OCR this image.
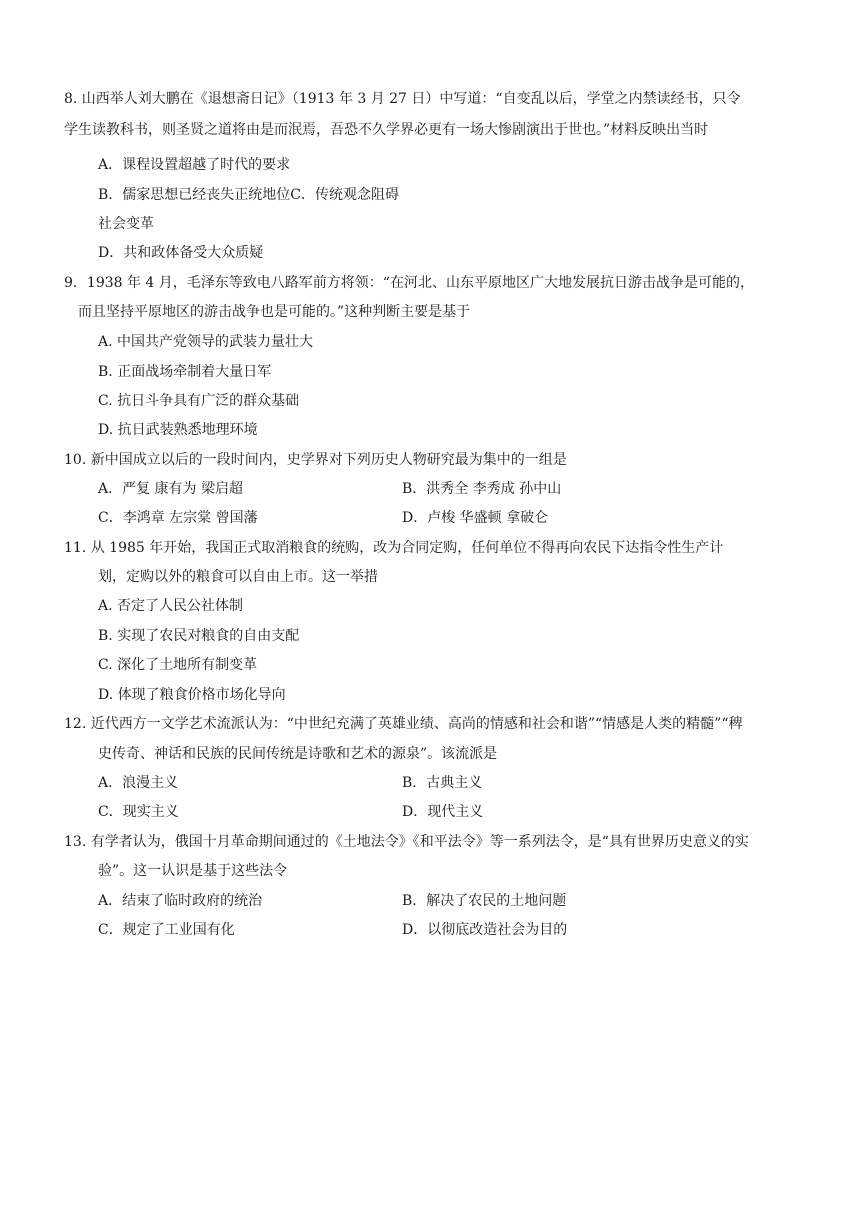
8. 山西举人刘大鹏在《退想斋日记》（1913 年 3 月 27 日）中写道：“自变乱以后，学堂之内禁读经书，只令
学生读教科书，则圣贤之道将由是而泯焉，吾恐不久学界必更有一场大惨剧演出于世也。”材料反映出当时
A．课程设置超越了时代的要求
B．儒家思想已经丧失正统地位C．传统观念阻碍
社会变革
D．共和政体备受大众质疑
9．1938 年 4 月，毛泽东等致电八路军前方将领：“在河北、山东平原地区广大地发展抗日游击战争是可能的，
而且坚持平原地区的游击战争也是可能的。”这种判断主要是基于
A. 中国共产党领导的武装力量壮大
B. 正面战场牵制着大量日军
C. 抗日斗争具有广泛的群众基础
D. 抗日武装熟悉地理环境
10. 新中国成立以后的一段时间内，史学界对下列历史人物研究最为集中的一组是
A．严复 康有为 梁启超	B．洪秀全 李秀成 孙中山
C．李鸿章 左宗棠 曾国藩	D．卢梭 华盛顿 拿破仑
11. 从 1985 年开始，我国正式取消粮食的统购，改为合同定购，任何单位不得再向农民下达指令性生产计
划，定购以外的粮食可以自由上市。这一举措
A. 否定了人民公社体制
B. 实现了农民对粮食的自由支配
C. 深化了土地所有制变革
D. 体现了粮食价格市场化导向
12. 近代西方一文学艺术流派认为：“中世纪充满了英雄业绩、高尚的情感和社会和谐”“情感是人类的精髓”“稗
史传奇、神话和民族的民间传统是诗歌和艺术的源泉”。该流派是
A．浪漫主义	B．古典主义
C．现实主义	D．现代主义
13. 有学者认为，俄国十月革命期间通过的《土地法令》《和平法令》等一系列法令，是“具有世界历史意义的实
验”。这一认识是基于这些法令
A．结束了临时政府的统治	B．解决了农民的土地问题
C．规定了工业国有化	D．以彻底改造社会为目的
